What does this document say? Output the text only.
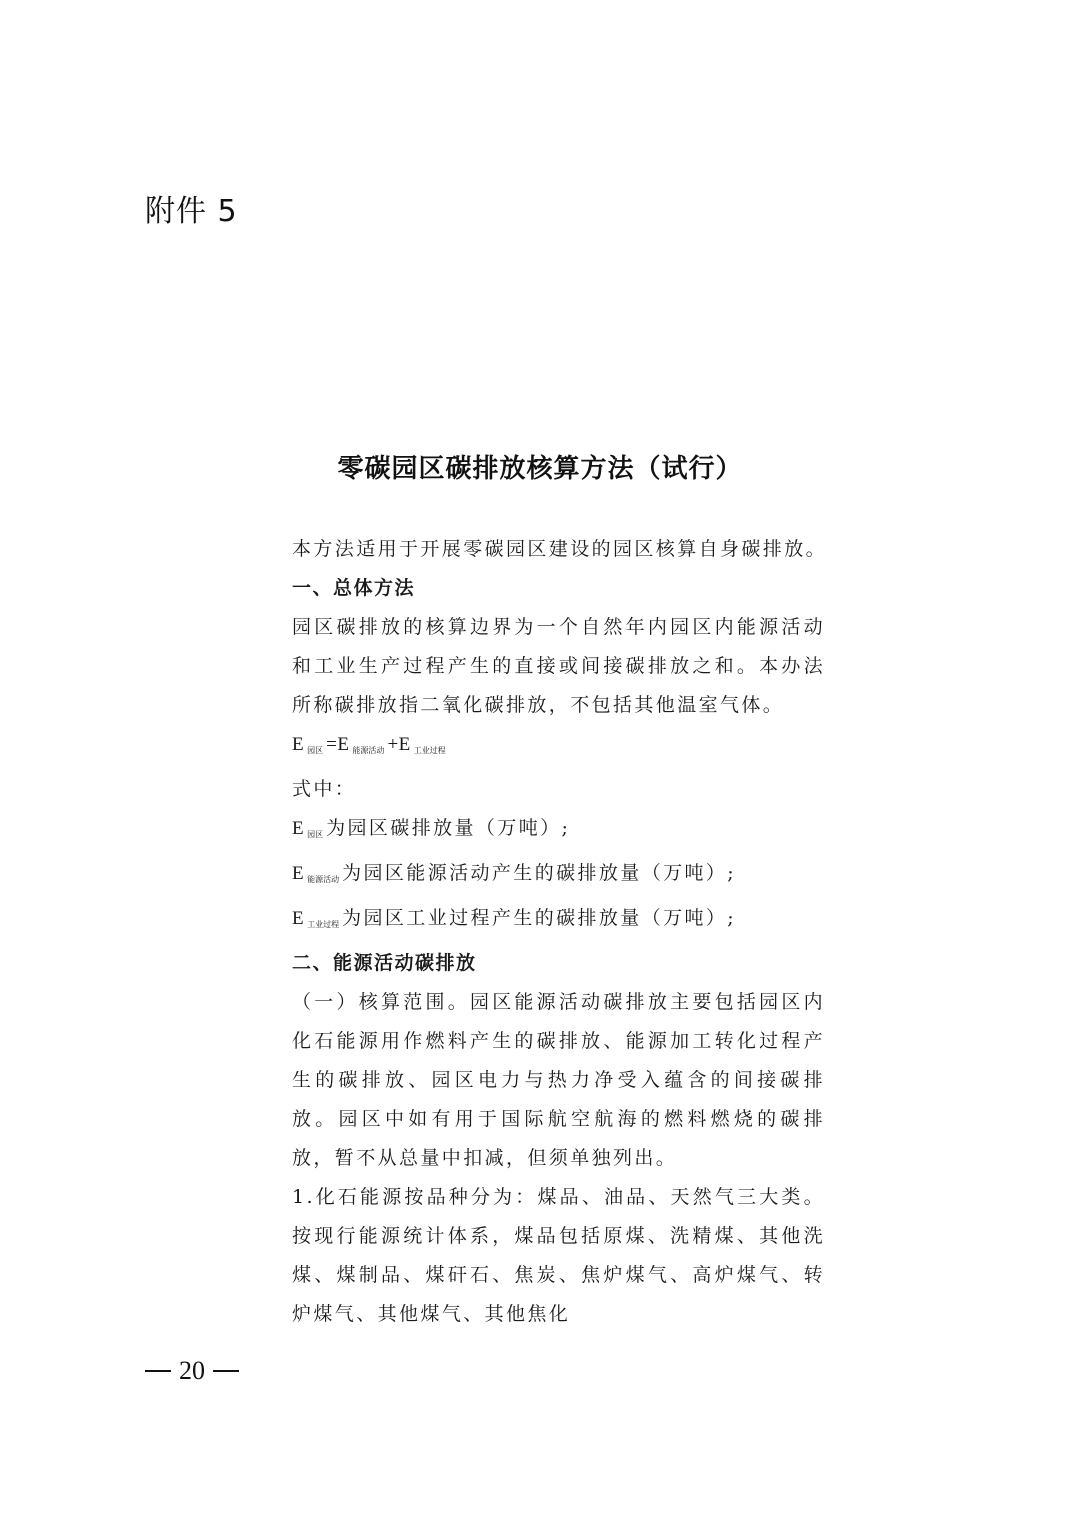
附件 5
零碳园区碳排放核算方法（试行）

本方法适用于开展零碳园区建设的园区核算自身碳排放。

一、总体方法

园区碳排放的核算边界为一个自然年内园区内能源活动和工业生产过程产生的直接或间接碳排放之和。本办法所称碳排放指二氧化碳排放，不包括其他温室气体。

E $_{园区}$ =E $_{能源活动}$ +E $_{工业过程}$

式中：

E $_{园区}$ 为园区碳排放量（万吨）;

E $_{能源活动}$ 为园区能源活动产生的碳排放量（万吨）;

E $_{工业过程}$ 为园区工业过程产生的碳排放量（万吨）;

二、能源活动碳排放

（一）核算范围。园区能源活动碳排放主要包括园区内化石能源用作燃料产生的碳排放、能源加工转化过程产生的碳排放、园区电力与热力净受入蕴含的间接碳排放。园区中如有用于国际航空航海的燃料燃烧的碳排放，暂不从总量中扣减，但须单独列出。

1.化石能源按品种分为：煤品、油品、天然气三大类。按现行能源统计体系，煤品包括原煤、洗精煤、其他洗煤、煤制品、煤矸石、焦炭、焦炉煤气、高炉煤气、转炉煤气、其他煤气、其他焦化

20
